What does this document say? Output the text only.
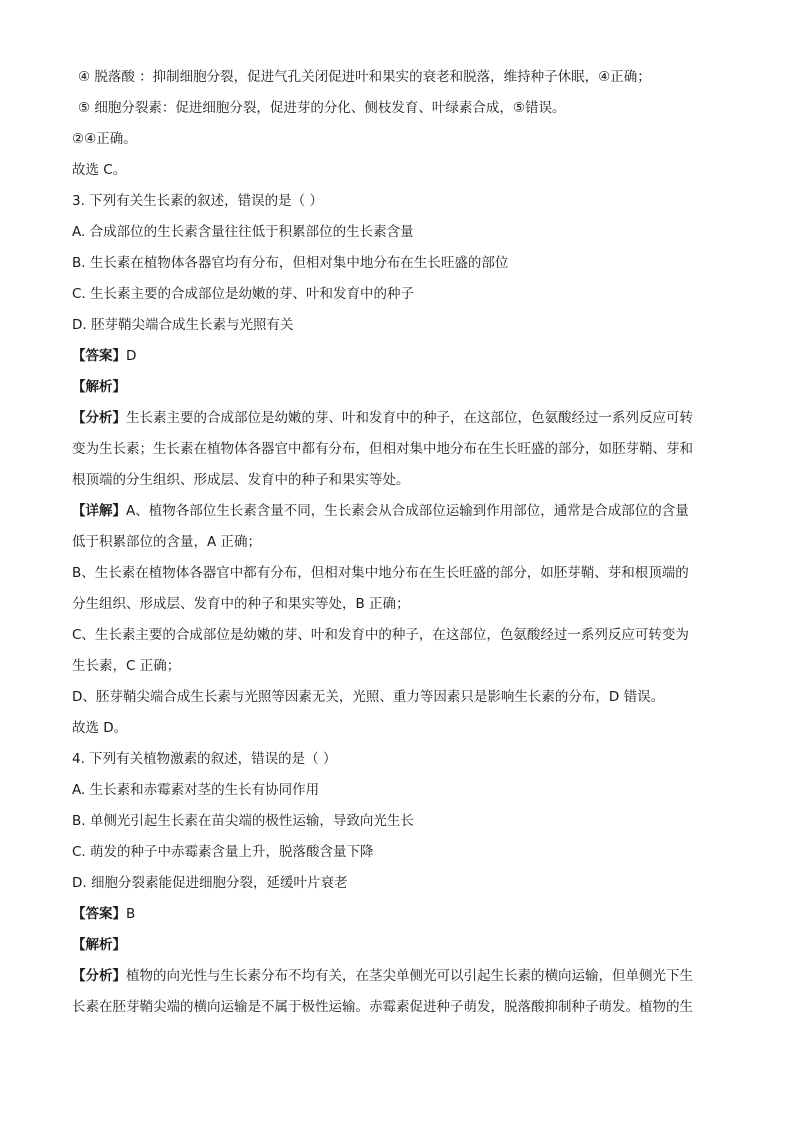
④ 脱落酸 ：抑制细胞分裂，促进气孔关闭促进叶和果实的衰老和脱落，维持种子休眠，④正确；
⑤ 细胞分裂素：促进细胞分裂，促进芽的分化、侧枝发育、叶绿素合成，⑤错误。
②④正确。
故选 C。
3. 下列有关生长素的叙述，错误的是（ ）
A. 合成部位的生长素含量往往低于积累部位的生长素含量
B. 生长素在植物体各器官均有分布，但相对集中地分布在生长旺盛的部位
C. 生长素主要的合成部位是幼嫩的芽、叶和发育中的种子
D. 胚芽鞘尖端合成生长素与光照有关
【答案】D
【解析】
【分析】生长素主要的合成部位是幼嫩的芽、叶和发育中的种子，在这部位，色氨酸经过一系列反应可转
变为生长素；生长素在植物体各器官中都有分布，但相对集中地分布在生长旺盛的部分，如胚芽鞘、芽和
根顶端的分生组织、形成层、发育中的种子和果实等处。
【详解】A、植物各部位生长素含量不同，生长素会从合成部位运输到作用部位，通常是合成部位的含量
低于积累部位的含量，A 正确；
B、生长素在植物体各器官中都有分布，但相对集中地分布在生长旺盛的部分，如胚芽鞘、芽和根顶端的
分生组织、形成层、发育中的种子和果实等处，B 正确；
C、生长素主要的合成部位是幼嫩的芽、叶和发育中的种子，在这部位，色氨酸经过一系列反应可转变为
生长素，C 正确；
D、胚芽鞘尖端合成生长素与光照等因素无关，光照、重力等因素只是影响生长素的分布，D 错误。
故选 D。
4. 下列有关植物激素的叙述，错误的是（ ）
A. 生长素和赤霉素对茎的生长有协同作用
B. 单侧光引起生长素在苗尖端的极性运输，导致向光生长
C. 萌发的种子中赤霉素含量上升，脱落酸含量下降
D. 细胞分裂素能促进细胞分裂，延缓叶片衰老
【答案】B
【解析】
【分析】植物的向光性与生长素分布不均有关，在茎尖单侧光可以引起生长素的横向运输，但单侧光下生
长素在胚芽鞘尖端的横向运输是不属于极性运输。赤霉素促进种子萌发，脱落酸抑制种子萌发。植物的生
